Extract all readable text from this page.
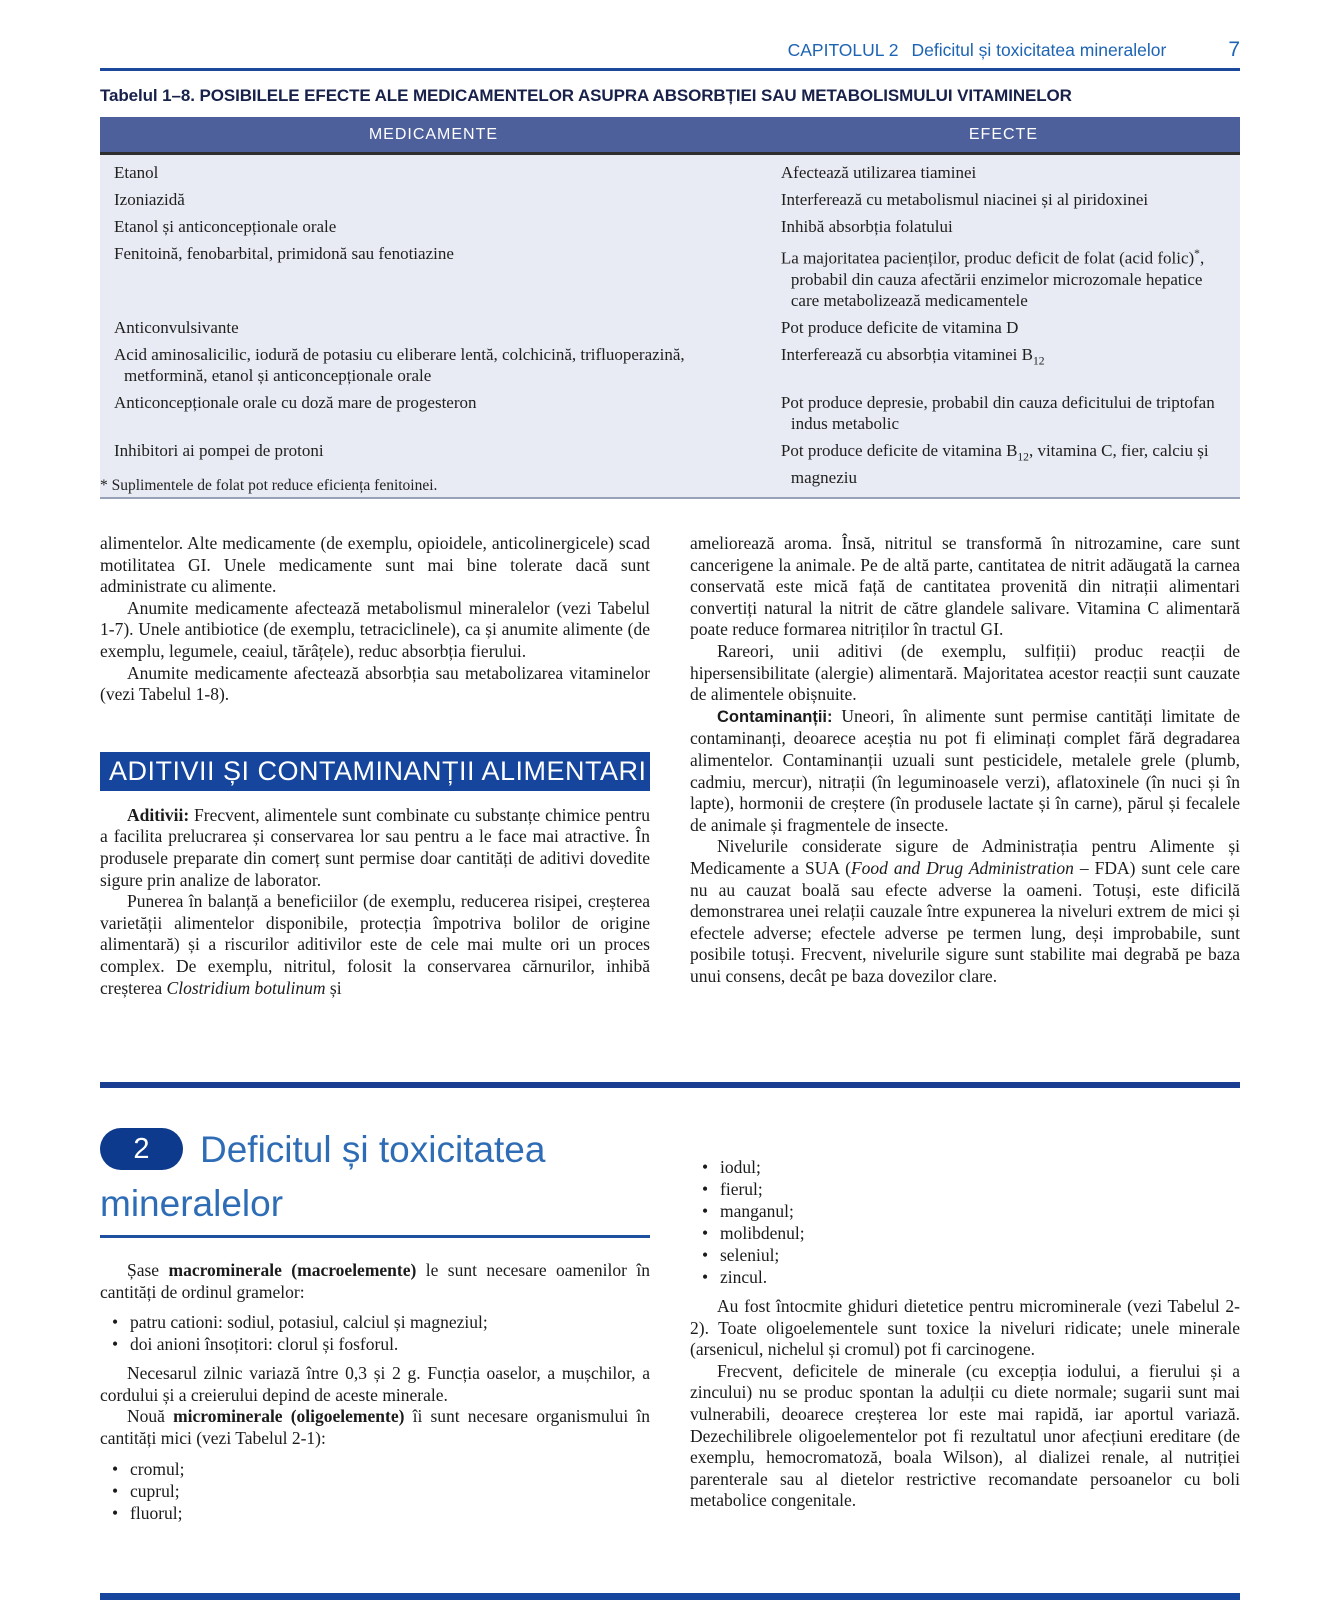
CAPITOLUL 2 Deficitul și toxicitatea mineralelor	7
Tabelul 1–8. POSIBILELE EFECTE ALE MEDICAMENTELOR ASUPRA ABSORBȚIEI SAU METABOLISMULUI VITAMINELOR
MEDICAMENTE	EFECTE
Etanol	Afectează utilizarea tiaminei
Izoniazidă	Interferează cu metabolismul niacinei și al piridoxinei
Etanol și anticoncepționale orale	Inhibă absorbția folatului
Fenitoină, fenobarbital, primidonă sau fenotiazine	La majoritatea pacienților, produc deficit de folat (acid folic)*, probabil din cauza afectării enzimelor microzomale hepatice care metabolizează medicamentele
Anticonvulsivante	Pot produce deficite de vitamina D
Acid aminosalicilic, iodură de potasiu cu eliberare lentă, colchicină, trifluoperazină, metformină, etanol și anticoncepționale orale	Interferează cu absorbția vitaminei $B_{12}$
Anticoncepționale orale cu doză mare de progesteron	Pot produce depresie, probabil din cauza deficitului de triptofan indus metabolic
Inhibitori ai pompei de protoni	Pot produce deficite de vitamina $B_{12}$, vitamina C, fier, calciu și magneziu
* Suplimentele de folat pot reduce eficiența fenitoinei.

alimentelor. Alte medicamente (de exemplu, opioidele, anticolinergicele) scad motilitatea GI. Unele medicamente sunt mai bine tolerate dacă sunt administrate cu alimente.

Anumite medicamente afectează metabolismul mineralelor (vezi Tabelul 1-7). Unele antibiotice (de exemplu, tetraciclinele), ca și anumite alimente (de exemplu, legumele, ceaiul, tărâțele), reduc absorbția fierului.

Anumite medicamente afectează absorbția sau metabolizarea vitaminelor (vezi Tabelul 1-8).

ADITIVII ȘI CONTAMINANȚII ALIMENTARI

Aditivii: Frecvent, alimentele sunt combinate cu substanțe chimice pentru a facilita prelucrarea și conservarea lor sau pentru a le face mai atractive. În produsele preparate din comerț sunt permise doar cantități de aditivi dovedite sigure prin analize de laborator.

Punerea în balanță a beneficiilor (de exemplu, reducerea risipei, creșterea varietății alimentelor disponibile, protecția împotriva bolilor de origine alimentară) și a riscurilor aditivilor este de cele mai multe ori un proces complex. De exemplu, nitritul, folosit la conservarea cărnurilor, inhibă creșterea Clostridium botulinum și

ameliorează aroma. Însă, nitritul se transformă în nitrozamine, care sunt cancerigene la animale. Pe de altă parte, cantitatea de nitrit adăugată la carnea conservată este mică față de cantitatea provenită din nitrații alimentari convertiți natural la nitrit de către glandele salivare. Vitamina C alimentară poate reduce formarea nitriților în tractul GI.

Rareori, unii aditivi (de exemplu, sulfiții) produc reacții de hipersensibilitate (alergie) alimentară. Majoritatea acestor reacții sunt cauzate de alimentele obișnuite.

Contaminanții: Uneori, în alimente sunt permise cantități limitate de contaminanți, deoarece aceștia nu pot fi eliminați complet fără degradarea alimentelor. Contaminanții uzuali sunt pesticidele, metalele grele (plumb, cadmiu, mercur), nitrații (în leguminoasele verzi), aflatoxinele (în nuci și în lapte), hormonii de creștere (în produsele lactate și în carne), părul și fecalele de animale și fragmentele de insecte.

Nivelurile considerate sigure de Administrația pentru Alimente și Medicamente a SUA (Food and Drug Administration – FDA) sunt cele care nu au cauzat boală sau efecte adverse la oameni. Totuși, este dificilă demonstrarea unei relații cauzale între expunerea la niveluri extrem de mici și efectele adverse; efectele adverse pe termen lung, deși improbabile, sunt posibile totuși. Frecvent, nivelurile sigure sunt stabilite mai degrabă pe baza unui consens, decât pe baza dovezilor clare.

2	Deficitul și toxicitatea
mineralelor

Șase macrominerale (macroelemente) le sunt necesare oamenilor în cantități de ordinul gramelor:

• patru cationi: sodiul, potasiul, calciul și magneziul;
• doi anioni însoțitori: clorul și fosforul.

Necesarul zilnic variază între 0,3 și 2 g. Funcția oaselor, a mușchilor, a cordului și a creierului depind de aceste minerale.

Nouă microminerale (oligoelemente) îi sunt necesare organismului în cantități mici (vezi Tabelul 2-1):

• cromul;
• cuprul;
• fluorul;
• iodul;
• fierul;
• manganul;
• molibdenul;
• seleniul;
• zincul.

Au fost întocmite ghiduri dietetice pentru microminerale (vezi Tabelul 2-2). Toate oligoelementele sunt toxice la niveluri ridicate; unele minerale (arsenicul, nichelul și cromul) pot fi carcinogene.

Frecvent, deficitele de minerale (cu excepția iodului, a fierului și a zincului) nu se produc spontan la adulții cu diete normale; sugarii sunt mai vulnerabili, deoarece creșterea lor este mai rapidă, iar aportul variază. Dezechilibrele oligoelementelor pot fi rezultatul unor afecțiuni ereditare (de exemplu, hemocromatoză, boala Wilson), al dializei renale, al nutriției parenterale sau al dietelor restrictive recomandate persoanelor cu boli metabolice congenitale.
